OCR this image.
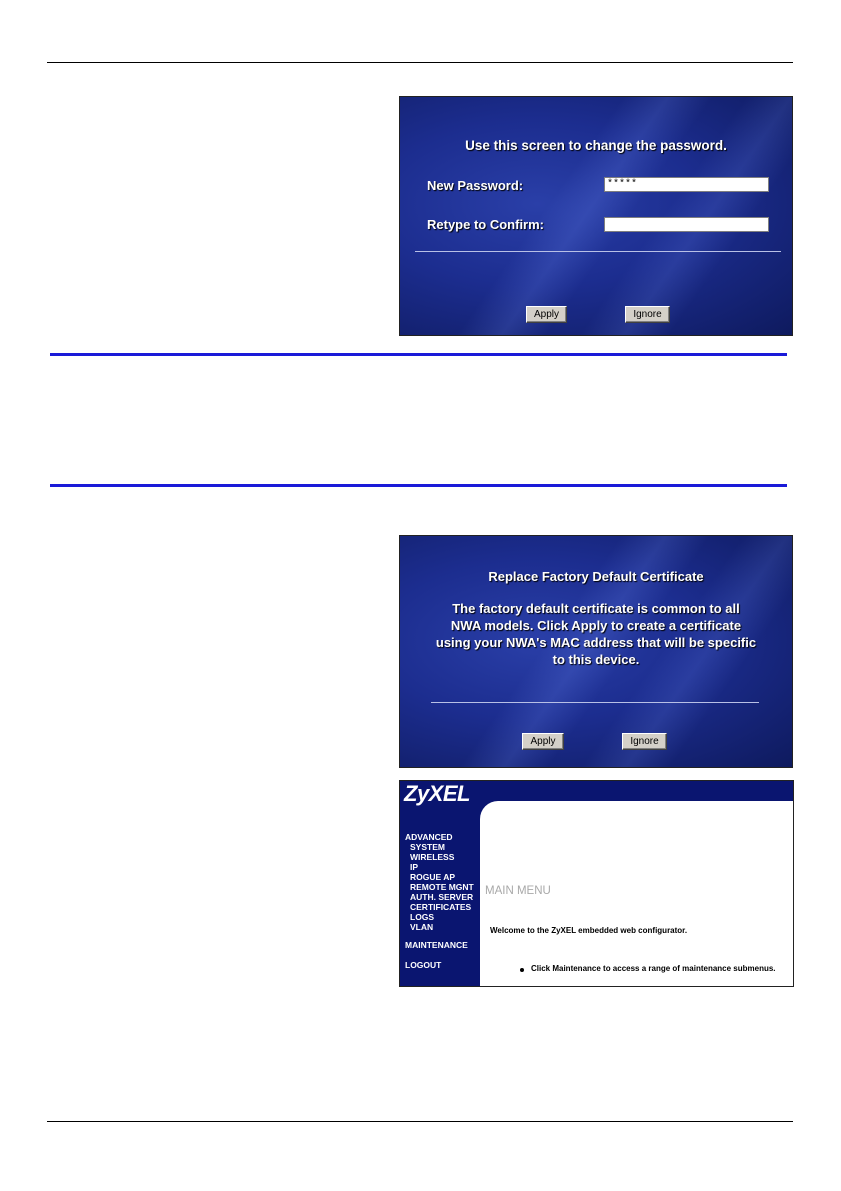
Use this screen to change the password.
New Password:	*****
Retype to Confirm:
Apply	Ignore
Replace Factory Default Certificate
The factory default certificate is common to all
NWA models. Click Apply to create a certificate
using your NWA's MAC address that will be specific
to this device.
Apply	Ignore
ZyXEL
ADVANCED
SYSTEM
WIRELESS
IP
ROGUE AP
REMOTE MGNT
AUTH. SERVER
CERTIFICATES
LOGS
VLAN
MAINTENANCE
LOGOUT
MAIN MENU
Welcome to the ZyXEL embedded web configurator.
Click Maintenance to access a range of maintenance submenus.
